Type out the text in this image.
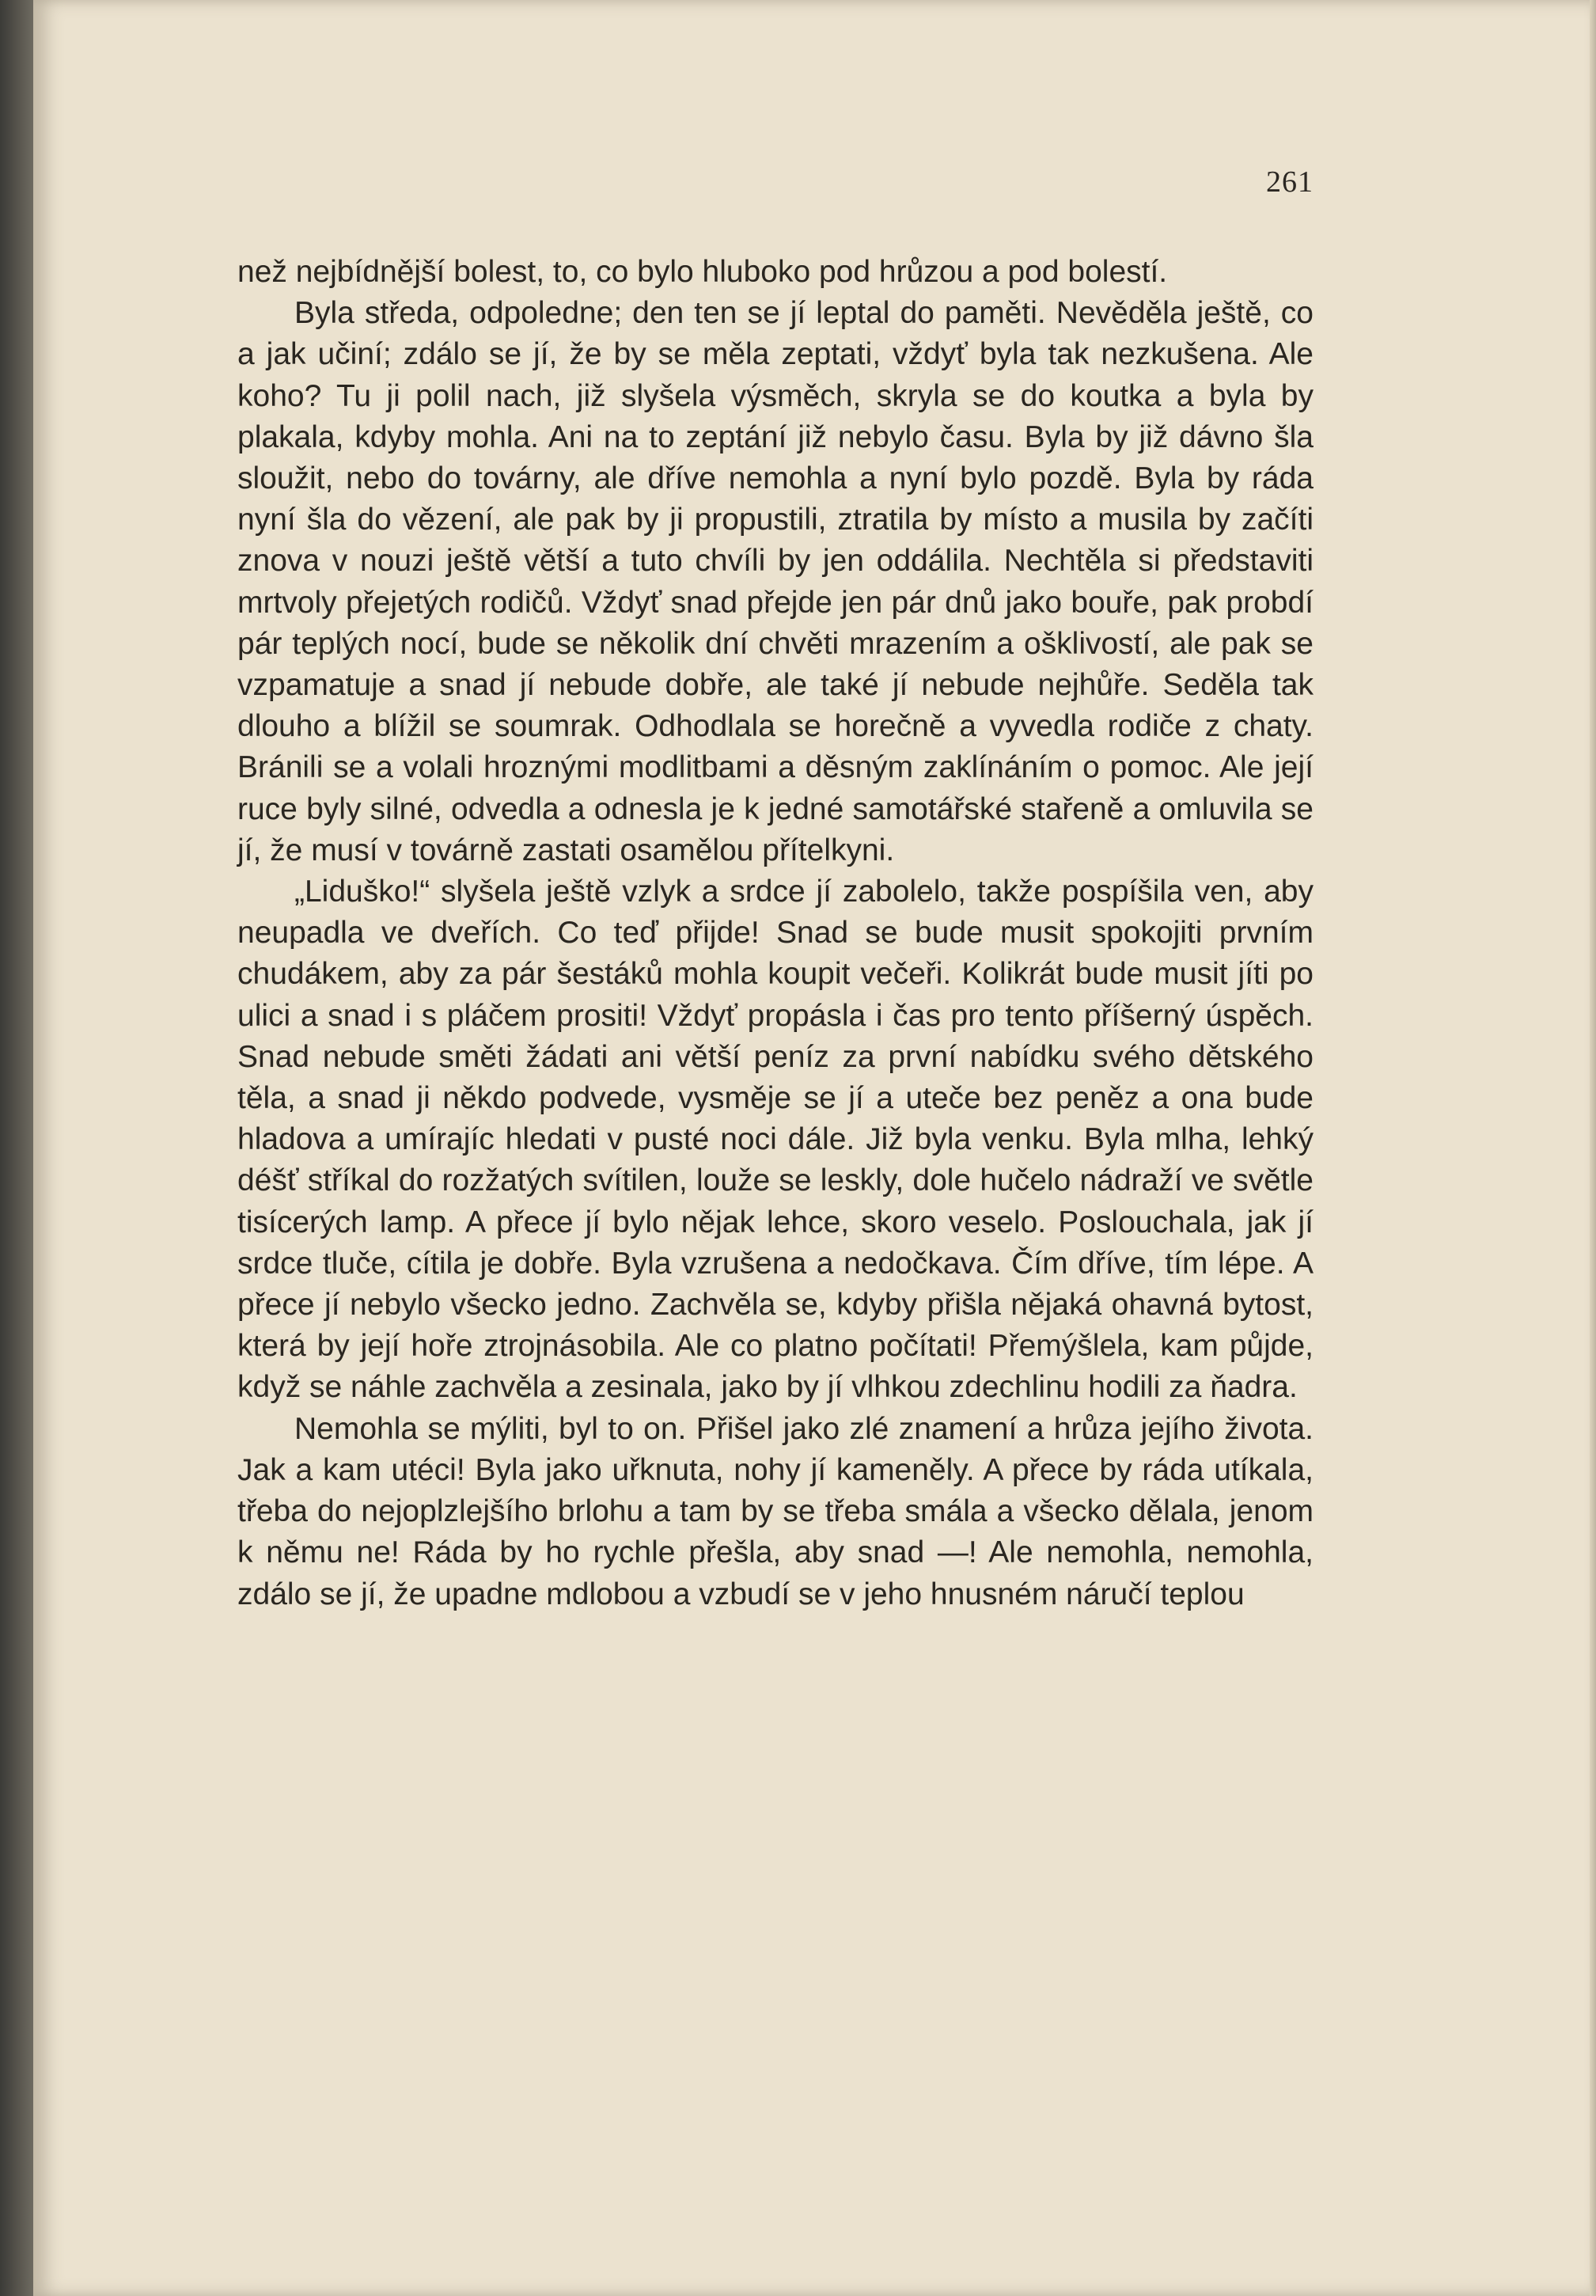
261

než nejbídnější bolest, to, co bylo hluboko pod hrůzou a pod bolestí.

Byla středa, odpoledne; den ten se jí leptal do paměti. Nevěděla ještě, co a jak učiní; zdálo se jí, že by se měla zeptati, vždyť byla tak nezkušena. Ale koho? Tu ji polil nach, již slyšela výsměch, skryla se do koutka a byla by plakala, kdyby mohla. Ani na to zeptání již nebylo času. Byla by již dávno šla sloužit, nebo do továrny, ale dříve nemohla a nyní bylo pozdě. Byla by ráda nyní šla do vězení, ale pak by ji propustili, ztratila by místo a musila by začíti znova v nouzi ještě větší a tuto chvíli by jen oddálila. Nechtěla si představiti mrtvoly přejetých rodičů. Vždyť snad přejde jen pár dnů jako bouře, pak probdí pár teplých nocí, bude se několik dní chvěti mrazením a ošklivostí, ale pak se vzpamatuje a snad jí nebude dobře, ale také jí nebude nejhůře. Seděla tak dlouho a blížil se soumrak. Odhodlala se horečně a vyvedla rodiče z chaty. Bránili se a volali hroznými modlitbami a děsným zaklínáním o pomoc. Ale její ruce byly silné, odvedla a odnesla je k jedné samotářské stařeně a omluvila se jí, že musí v továrně zastati osamělou přítelkyni.

„Liduško!“ slyšela ještě vzlyk a srdce jí zabolelo, takže pospíšila ven, aby neupadla ve dveřích. Co teď přijde! Snad se bude musit spokojiti prvním chudákem, aby za pár šestáků mohla koupit večeři. Kolikrát bude musit jíti po ulici a snad i s pláčem prositi! Vždyť propásla i čas pro tento příšerný úspěch. Snad nebude směti žádati ani větší peníz za první nabídku svého dětského těla, a snad ji někdo podvede, vysměje se jí a uteče bez peněz a ona bude hladova a umírajíc hledati v pusté noci dále. Již byla venku. Byla mlha, lehký déšť stříkal do rozžatých svítilen, louže se leskly, dole hučelo nádraží ve světle tisícerých lamp. A přece jí bylo nějak lehce, skoro veselo. Poslouchala, jak jí srdce tluče, cítila je dobře. Byla vzrušena a nedočkava. Čím dříve, tím lépe. A přece jí nebylo všecko jedno. Zachvěla se, kdyby přišla nějaká ohavná bytost, která by její hoře ztrojnásobila. Ale co platno počítati! Přemýšlela, kam půjde, když se náhle zachvěla a zesinala, jako by jí vlhkou zdechlinu hodili za ňadra.

Nemohla se mýliti, byl to on. Přišel jako zlé znamení a hrůza jejího života. Jak a kam utéci! Byla jako uřknuta, nohy jí kameněly. A přece by ráda utíkala, třeba do nejoplzlejšího brlohu a tam by se třeba smála a všecko dělala, jenom k němu ne! Ráda by ho rychle přešla, aby snad —! Ale nemohla, nemohla, zdálo se jí, že upadne mdlobou a vzbudí se v jeho hnusném náručí teplou
